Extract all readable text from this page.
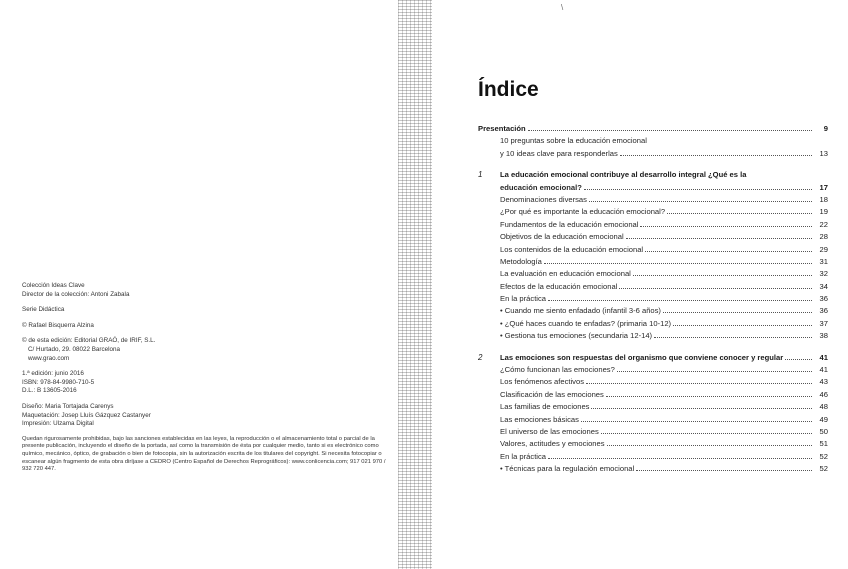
Colección Ideas Clave
Director de la colección: Antoni Zabala
Serie Didáctica
© Rafael Bisquerra Alzina
© de esta edición: Editorial GRAÓ, de IRIF, S.L.
C/ Hurtado, 29. 08022 Barcelona
www.grao.com
1.ª edición: junio 2016
ISBN: 978-84-9980-710-5
D.L.: B 13605-2016
Diseño: Maria Tortajada Carenys
Maquetación: Josep Lluís Gázquez Castanyer
Impresión: Ulzama Digital
Quedan rigurosamente prohibidas, bajo las sanciones establecidas en las leyes, la reproducción o el almacenamiento total o parcial de la presente publicación, incluyendo el diseño de la portada, así como la transmisión de ésta por cualquier medio, tanto si es electrónico como químico, mecánico, óptico, de grabación o bien de fotocopia, sin la autorización escrita de los titulares del copyright. Si necesita fotocopiar o escanear algún fragmento de esta obra diríjase a CEDRO (Centro Español de Derechos Reprográficos): www.conlicencia.com; 917 021 970 / 932 720 447.
\
Índice
Presentación	9
10 preguntas sobre la educación emocional
y 10 ideas clave para responderlas	13
1	La educación emocional contribuye al desarrollo integral ¿Qué es la
educación emocional?	17
Denominaciones diversas	18
¿Por qué es importante la educación emocional?	19
Fundamentos de la educación emocional	22
Objetivos de la educación emocional	28
Los contenidos de la educación emocional	29
Metodología	31
La evaluación en educación emocional	32
Efectos de la educación emocional	34
En la práctica	36
• Cuando me siento enfadado (infantil 3-6 años)	36
• ¿Qué haces cuando te enfadas? (primaria 10-12)	37
• Gestiona tus emociones (secundaria 12-14)	38
2	Las emociones son respuestas del organismo que conviene conocer y regular	41
¿Cómo funcionan las emociones?	41
Los fenómenos afectivos	43
Clasificación de las emociones	46
Las familias de emociones	48
Las emociones básicas	49
El universo de las emociones	50
Valores, actitudes y emociones	51
En la práctica	52
• Técnicas para la regulación emocional	52
